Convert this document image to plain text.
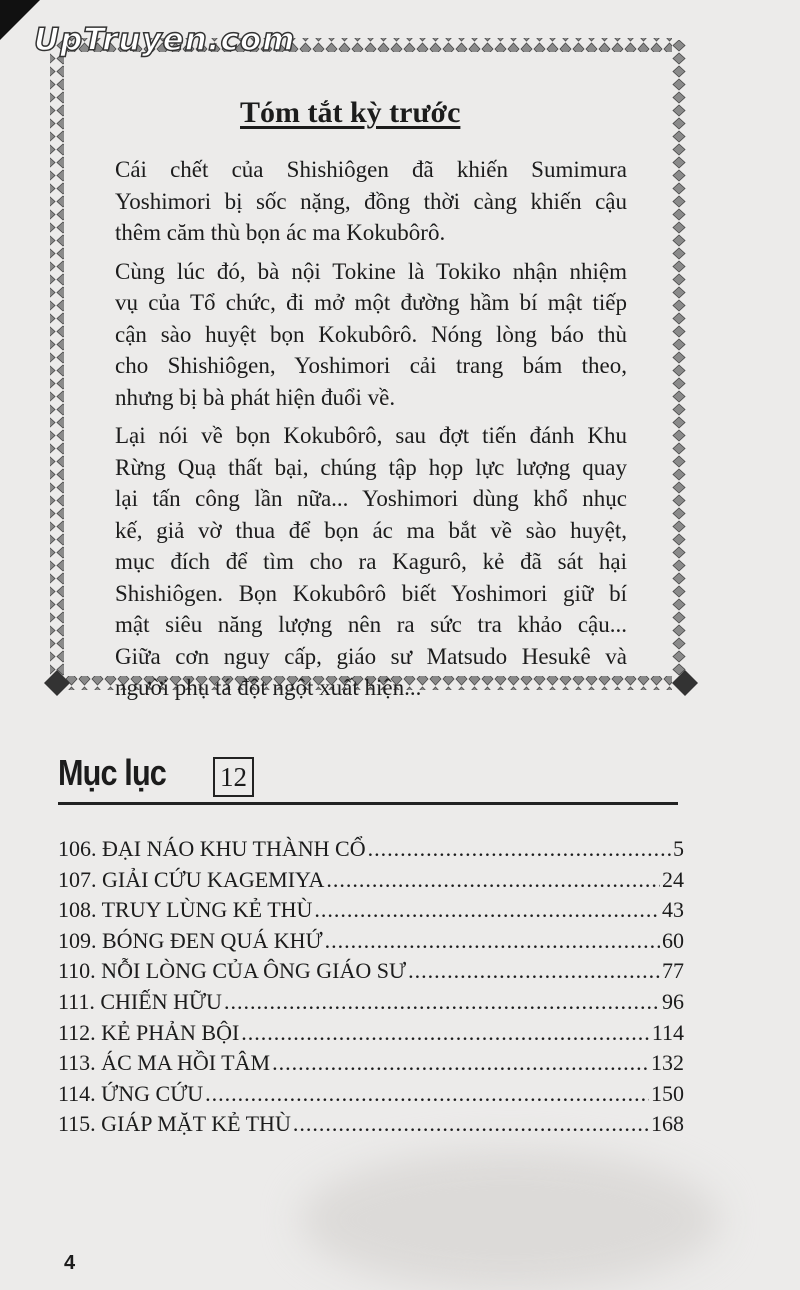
UpTruyen.com
Tóm tắt kỳ trước
Cái chết của Shishiôgen đã khiến Sumimura
Yoshimori bị sốc nặng, đồng thời càng khiến cậu
thêm căm thù bọn ác ma Kokubôrô.
Cùng lúc đó, bà nội Tokine là Tokiko nhận nhiệm
vụ của Tổ chức, đi mở một đường hầm bí mật tiếp
cận sào huyệt bọn Kokubôrô. Nóng lòng báo thù
cho Shishiôgen, Yoshimori cải trang bám theo,
nhưng bị bà phát hiện đuổi về.
Lại nói về bọn Kokubôrô, sau đợt tiến đánh Khu
Rừng Quạ thất bại, chúng tập họp lực lượng quay
lại tấn công lần nữa... Yoshimori dùng khổ nhục
kế, giả vờ thua để bọn ác ma bắt về sào huyệt,
mục đích để tìm cho ra Kagurô, kẻ đã sát hại
Shishiôgen. Bọn Kokubôrô biết Yoshimori giữ bí
mật siêu năng lượng nên ra sức tra khảo cậu...
Giữa cơn nguy cấp, giáo sư Matsudo Hesukê và
người phụ tá đột ngột xuất hiện...
Mục lục 12
106. ĐẠI NÁO KHU THÀNH CỔ .....	5
107. GIẢI CỨU KAGEMIYA .....	24
108. TRUY LÙNG KẺ THÙ .....	43
109. BÓNG ĐEN QUÁ KHỨ .....	60
110. NỖI LÒNG CỦA ÔNG GIÁO SƯ .....	77
111. CHIẾN HỮU .....	96
112. KẺ PHẢN BỘI .....	114
113. ÁC MA HỒI TÂM .....	132
114. ỨNG CỨU .....	150
115. GIÁP MẶT KẺ THÙ .....	168
4
